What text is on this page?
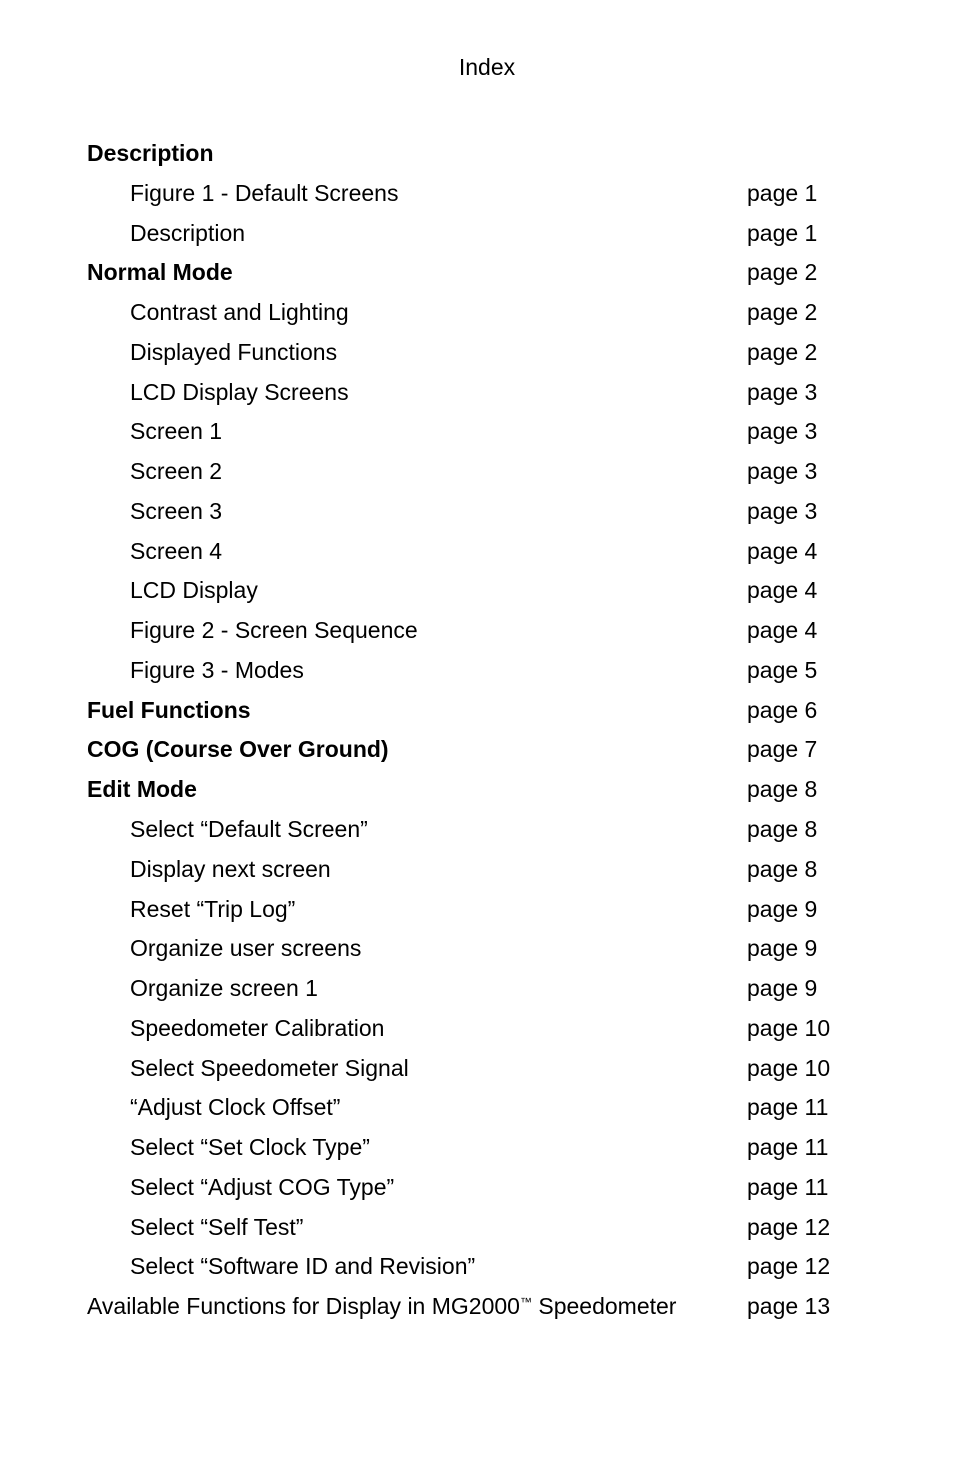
Index
Description
Figure 1 - Default Screens	page 1
Description	page 1
Normal Mode	page 2
Contrast and Lighting	page 2
Displayed Functions	page 2
LCD Display Screens	page 3
Screen 1	page 3
Screen 2	page 3
Screen 3	page 3
Screen 4	page 4
LCD Display	page 4
Figure 2 - Screen Sequence	page 4
Figure 3 - Modes	page 5
Fuel Functions	page 6
COG (Course Over Ground)	page 7
Edit Mode	page 8
Select “Default Screen”	page 8
Display next screen	page 8
Reset “Trip Log”	page 9
Organize user screens	page 9
Organize screen 1	page 9
Speedometer Calibration	page 10
Select Speedometer Signal	page 10
“Adjust Clock Offset”	page 11
Select “Set Clock Type”	page 11
Select “Adjust COG Type”	page 11
Select “Self Test”	page 12
Select “Software ID and Revision”	page 12
Available Functions for Display in MG2000™ Speedometer	page 13
